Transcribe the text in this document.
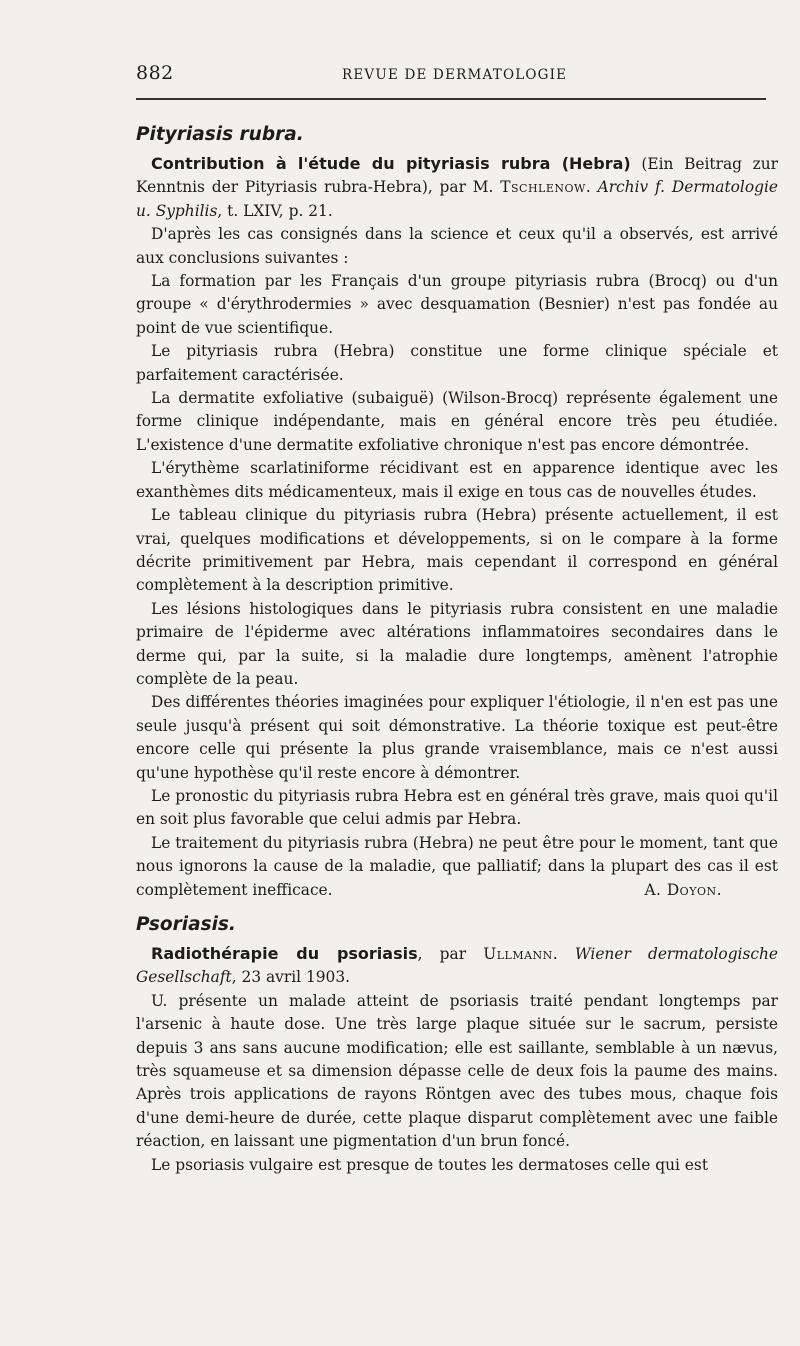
882	REVUE DE DERMATOLOGIE
Pityriasis rubra.

Contribution à l'étude du pityriasis rubra (Hebra) (Ein Beitrag zur Kenntnis der Pityriasis rubra-Hebra), par M. Tschlenow. Archiv f. Dermatologie u. Syphilis, t. LXIV, p. 21.

D'après les cas consignés dans la science et ceux qu'il a observés, est arrivé aux conclusions suivantes :

La formation par les Français d'un groupe pityriasis rubra (Brocq) ou d'un groupe « d'érythrodermies » avec desquamation (Besnier) n'est pas fondée au point de vue scientifique.

Le pityriasis rubra (Hebra) constitue une forme clinique spéciale et parfaitement caractérisée.

La dermatite exfoliative (subaiguë) (Wilson-Brocq) représente également une forme clinique indépendante, mais en général encore très peu étudiée. L'existence d'une dermatite exfoliative chronique n'est pas encore démontrée.

L'érythème scarlatiniforme récidivant est en apparence identique avec les exanthèmes dits médicamenteux, mais il exige en tous cas de nouvelles études.

Le tableau clinique du pityriasis rubra (Hebra) présente actuellement, il est vrai, quelques modifications et développements, si on le compare à la forme décrite primitivement par Hebra, mais cependant il correspond en général complètement à la description primitive.

Les lésions histologiques dans le pityriasis rubra consistent en une maladie primaire de l'épiderme avec altérations inflammatoires secondaires dans le derme qui, par la suite, si la maladie dure longtemps, amènent l'atrophie complète de la peau.

Des différentes théories imaginées pour expliquer l'étiologie, il n'en est pas une seule jusqu'à présent qui soit démonstrative. La théorie toxique est peut-être encore celle qui présente la plus grande vraisemblance, mais ce n'est aussi qu'une hypothèse qu'il reste encore à démontrer.

Le pronostic du pityriasis rubra Hebra est en général très grave, mais quoi qu'il en soit plus favorable que celui admis par Hebra.

Le traitement du pityriasis rubra (Hebra) ne peut être pour le moment, tant que nous ignorons la cause de la maladie, que palliatif; dans la plupart des cas il est complètement inefficace.	A. Doyon.

Psoriasis.

Radiothérapie du psoriasis, par Ullmann. Wiener dermatologische Gesellschaft, 23 avril 1903.

U. présente un malade atteint de psoriasis traité pendant longtemps par l'arsenic à haute dose. Une très large plaque située sur le sacrum, persiste depuis 3 ans sans aucune modification; elle est saillante, semblable à un nævus, très squameuse et sa dimension dépasse celle de deux fois la paume des mains. Après trois applications de rayons Röntgen avec des tubes mous, chaque fois d'une demi-heure de durée, cette plaque disparut complètement avec une faible réaction, en laissant une pigmentation d'un brun foncé.

Le psoriasis vulgaire est presque de toutes les dermatoses celle qui est
